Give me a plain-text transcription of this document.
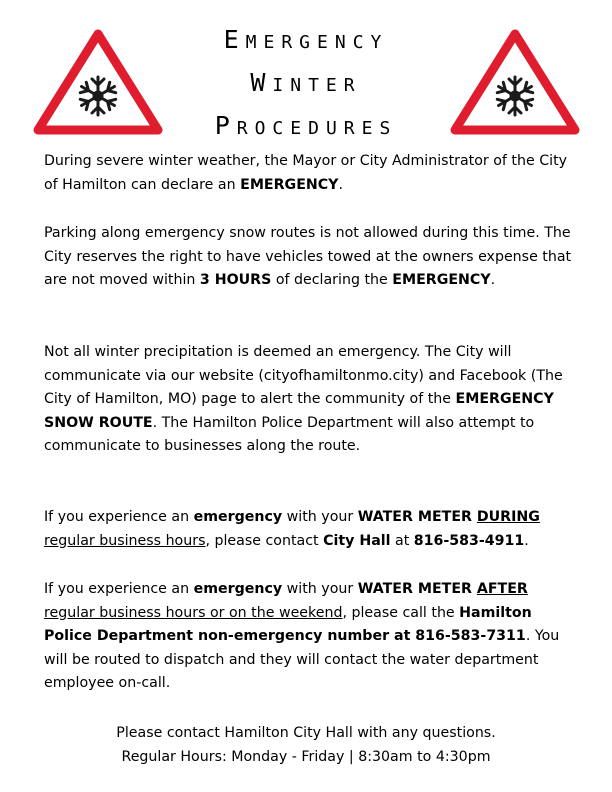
Emergency
Winter
Procedures

During severe winter weather, the Mayor or City Administrator of the City of Hamilton can declare an EMERGENCY.

Parking along emergency snow routes is not allowed during this time. The City reserves the right to have vehicles towed at the owners expense that are not moved within 3 HOURS of declaring the EMERGENCY.

Not all winter precipitation is deemed an emergency. The City will communicate via our website (cityofhamiltonmo.city) and Facebook (The City of Hamilton, MO) page to alert the community of the EMERGENCY SNOW ROUTE. The Hamilton Police Department will also attempt to communicate to businesses along the route.

If you experience an emergency with your WATER METER DURING regular business hours, please contact City Hall at 816-583-4911.

If you experience an emergency with your WATER METER AFTER regular business hours or on the weekend, please call the Hamilton Police Department non-emergency number at 816-583-7311. You will be routed to dispatch and they will contact the water department employee on-call.

Please contact Hamilton City Hall with any questions.
Regular Hours: Monday - Friday | 8:30am to 4:30pm
